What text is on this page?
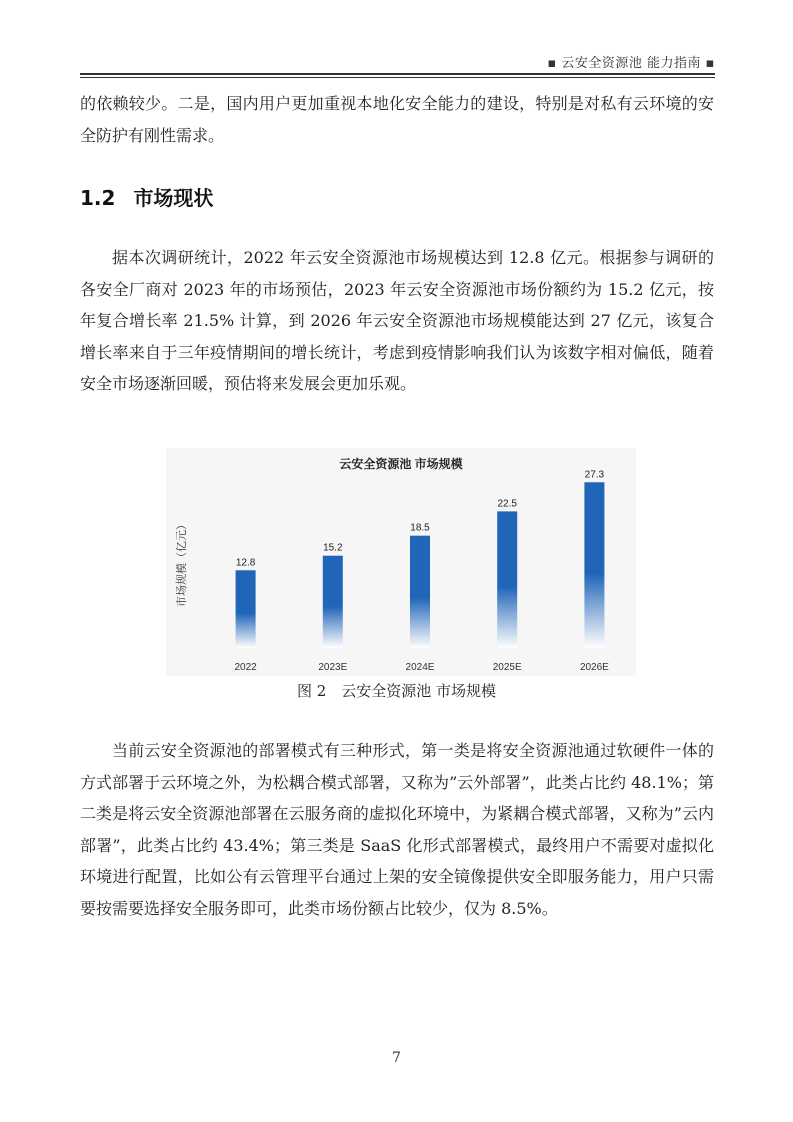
▪ 云安全资源池 能力指南 ▪

的依赖较少。二是，国内用户更加重视本地化安全能力的建设，特别是对私有云环境的安全防护有刚性需求。

1.2 市场现状

据本次调研统计，2022 年云安全资源池市场规模达到 12.8 亿元。根据参与调研的各安全厂商对 2023 年的市场预估，2023 年云安全资源池市场份额约为 15.2 亿元，按年复合增长率 21.5% 计算，到 2026 年云安全资源池市场规模能达到 27 亿元，该复合增长率来自于三年疫情期间的增长统计，考虑到疫情影响我们认为该数字相对偏低，随着安全市场逐渐回暖，预估将来发展会更加乐观。

云安全资源池 市场规模
市场规模（亿元）	12.8
2022
15.2
2023E
18.5
2024E
22.5
2025E
27.3
2026E
图 2　云安全资源池 市场规模

当前云安全资源池的部署模式有三种形式，第一类是将安全资源池通过软硬件一体的方式部署于云环境之外，为松耦合模式部署，又称为”云外部署”，此类占比约 48.1%；第二类是将云安全资源池部署在云服务商的虚拟化环境中，为紧耦合模式部署，又称为”云内部署”，此类占比约 43.4%；第三类是 SaaS 化形式部署模式，最终用户不需要对虚拟化环境进行配置，比如公有云管理平台通过上架的安全镜像提供安全即服务能力，用户只需要按需要选择安全服务即可，此类市场份额占比较少，仅为 8.5%。

7
